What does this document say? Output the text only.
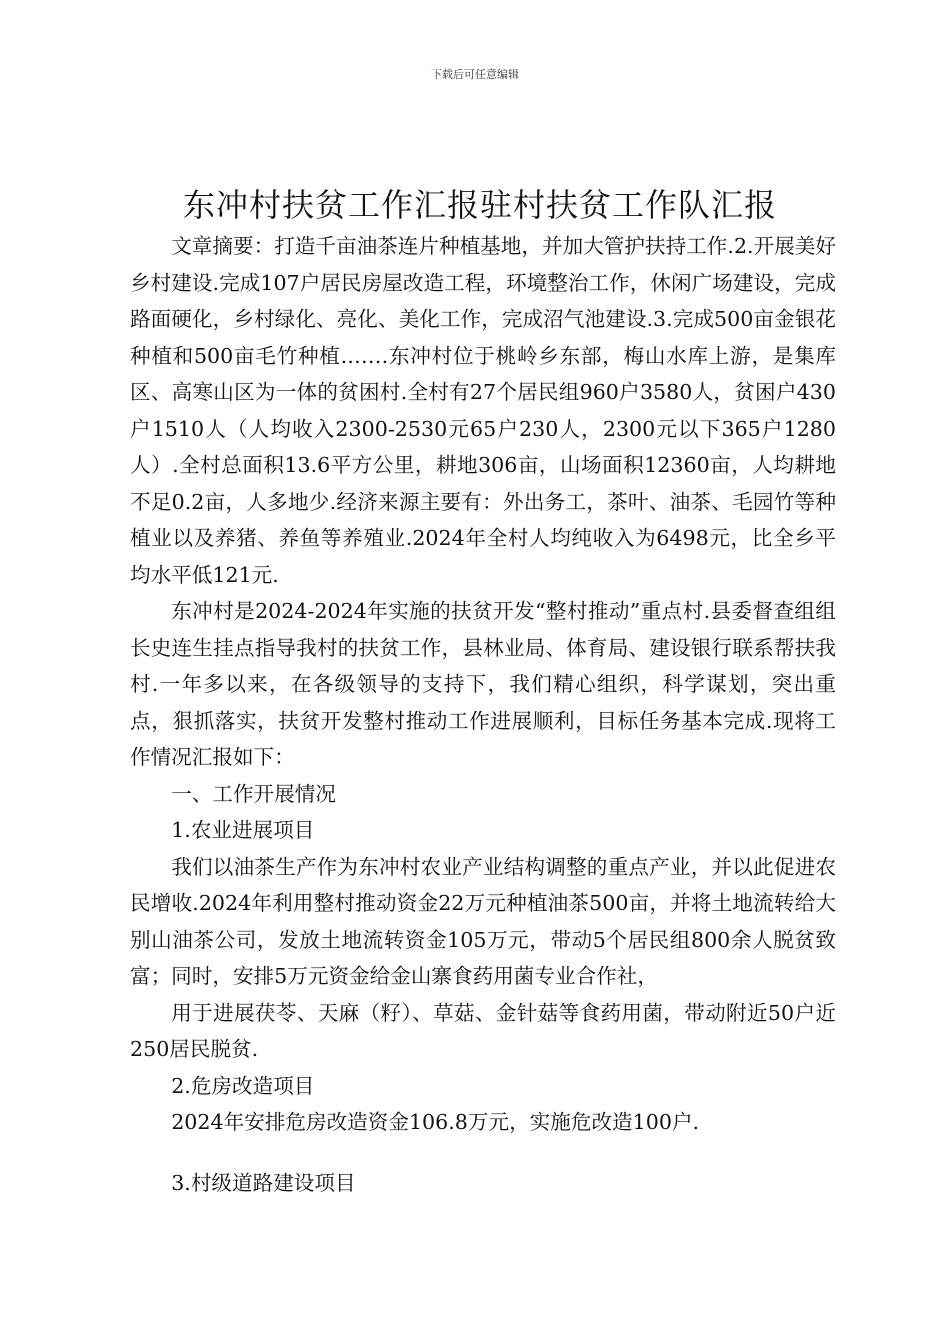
下载后可任意编辑
东冲村扶贫工作汇报驻村扶贫工作队汇报

文章摘要：打造千亩油茶连片种植基地，并加大管护扶持工作.2.开展美好乡村建设.完成107户居民房屋改造工程，环境整治工作，休闲广场建设，完成路面硬化，乡村绿化、亮化、美化工作，完成沼气池建设.3.完成500亩金银花种植和500亩毛竹种植.……东冲村位于桃岭乡东部，梅山水库上游，是集库区、高寒山区为一体的贫困村.全村有27个居民组960户3580人，贫困户430户1510人（人均收入2300-2530元65户230人，2300元以下365户1280人）.全村总面积13.6平方公里，耕地306亩，山场面积12360亩，人均耕地不足0.2亩，人多地少.经济来源主要有：外出务工，茶叶、油茶、毛园竹等种植业以及养猪、养鱼等养殖业.2024年全村人均纯收入为6498元，比全乡平均水平低121元.

东冲村是2024-2024年实施的扶贫开发“整村推动”重点村.县委督查组组长史连生挂点指导我村的扶贫工作，县林业局、体育局、建设银行联系帮扶我村.一年多以来，在各级领导的支持下，我们精心组织，科学谋划，突出重点，狠抓落实，扶贫开发整村推动工作进展顺利，目标任务基本完成.现将工作情况汇报如下：

一、工作开展情况

1.农业进展项目

我们以油茶生产作为东冲村农业产业结构调整的重点产业，并以此促进农民增收.2024年利用整村推动资金22万元种植油茶500亩，并将土地流转给大别山油茶公司，发放土地流转资金105万元，带动5个居民组800余人脱贫致富；同时，安排5万元资金给金山寨食药用菌专业合作社，

用于进展茯苓、天麻（籽）、草菇、金针菇等食药用菌，带动附近50户近250居民脱贫.

2.危房改造项目

2024年安排危房改造资金106.8万元，实施危改造100户.

3.村级道路建设项目
